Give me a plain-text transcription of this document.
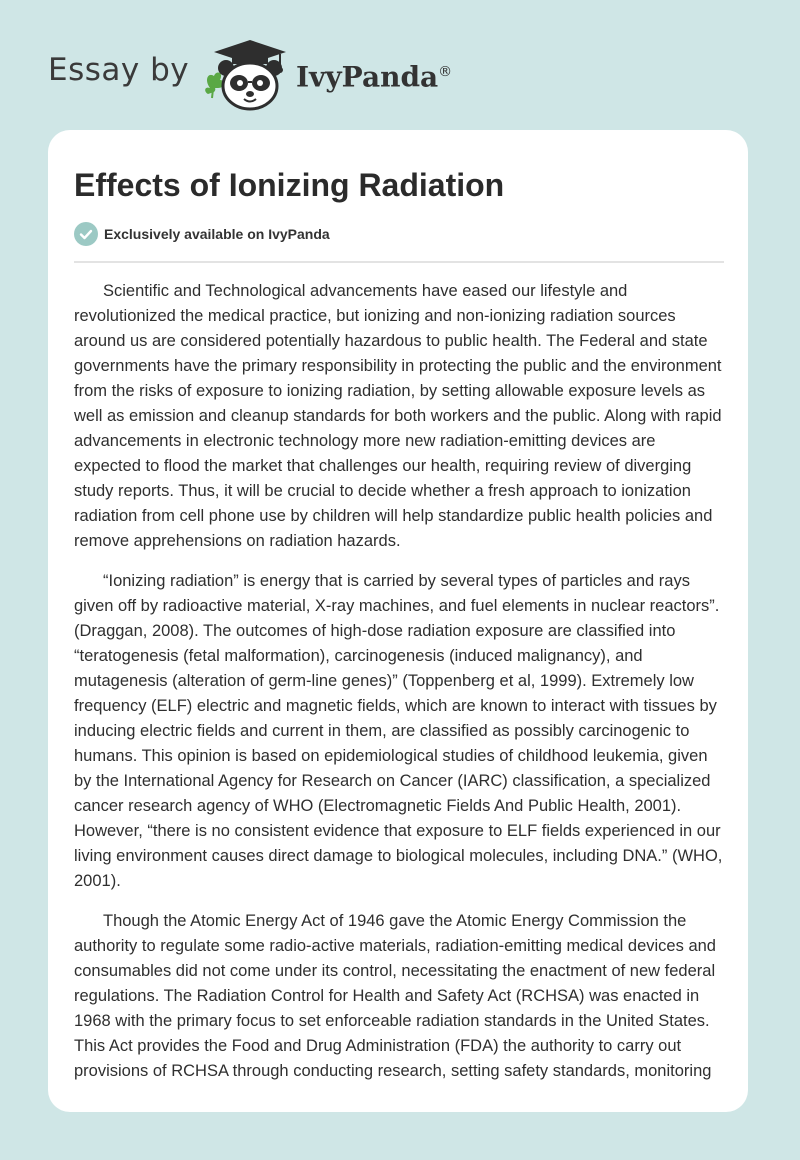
Essay by	IvyPanda®
Effects of Ionizing Radiation
Exclusively available on IvyPanda

Scientific and Technological advancements have eased our lifestyle and revolutionized the medical practice, but ionizing and non-ionizing radiation sources around us are considered potentially hazardous to public health. The Federal and state governments have the primary responsibility in protecting the public and the environment from the risks of exposure to ionizing radiation, by setting allowable exposure levels as well as emission and cleanup standards for both workers and the public. Along with rapid advancements in electronic technology more new radiation-emitting devices are expected to flood the market that challenges our health, requiring review of diverging study reports. Thus, it will be crucial to decide whether a fresh approach to ionization radiation from cell phone use by children will help standardize public health policies and remove apprehensions on radiation hazards.

“Ionizing radiation” is energy that is carried by several types of particles and rays given off by radioactive material, X-ray machines, and fuel elements in nuclear reactors”. (Draggan, 2008). The outcomes of high-dose radiation exposure are classified into “teratogenesis (fetal malformation), carcinogenesis (induced malignancy), and mutagenesis (alteration of germ-line genes)” (Toppenberg et al, 1999). Extremely low frequency (ELF) electric and magnetic fields, which are known to interact with tissues by inducing electric fields and current in them, are classified as possibly carcinogenic to humans. This opinion is based on epidemiological studies of childhood leukemia, given by the International Agency for Research on Cancer (IARC) classification, a specialized cancer research agency of WHO (Electromagnetic Fields And Public Health, 2001). However, “there is no consistent evidence that exposure to ELF fields experienced in our living environment causes direct damage to biological molecules, including DNA.” (WHO, 2001).

Though the Atomic Energy Act of 1946 gave the Atomic Energy Commission the authority to regulate some radio-active materials, radiation-emitting medical devices and consumables did not come under its control, necessitating the enactment of new federal regulations. The Radiation Control for Health and Safety Act (RCHSA) was enacted in 1968 with the primary focus to set enforceable radiation standards in the United States. This Act provides the Food and Drug Administration (FDA) the authority to carry out provisions of RCHSA through conducting research, setting safety standards, monitoring
